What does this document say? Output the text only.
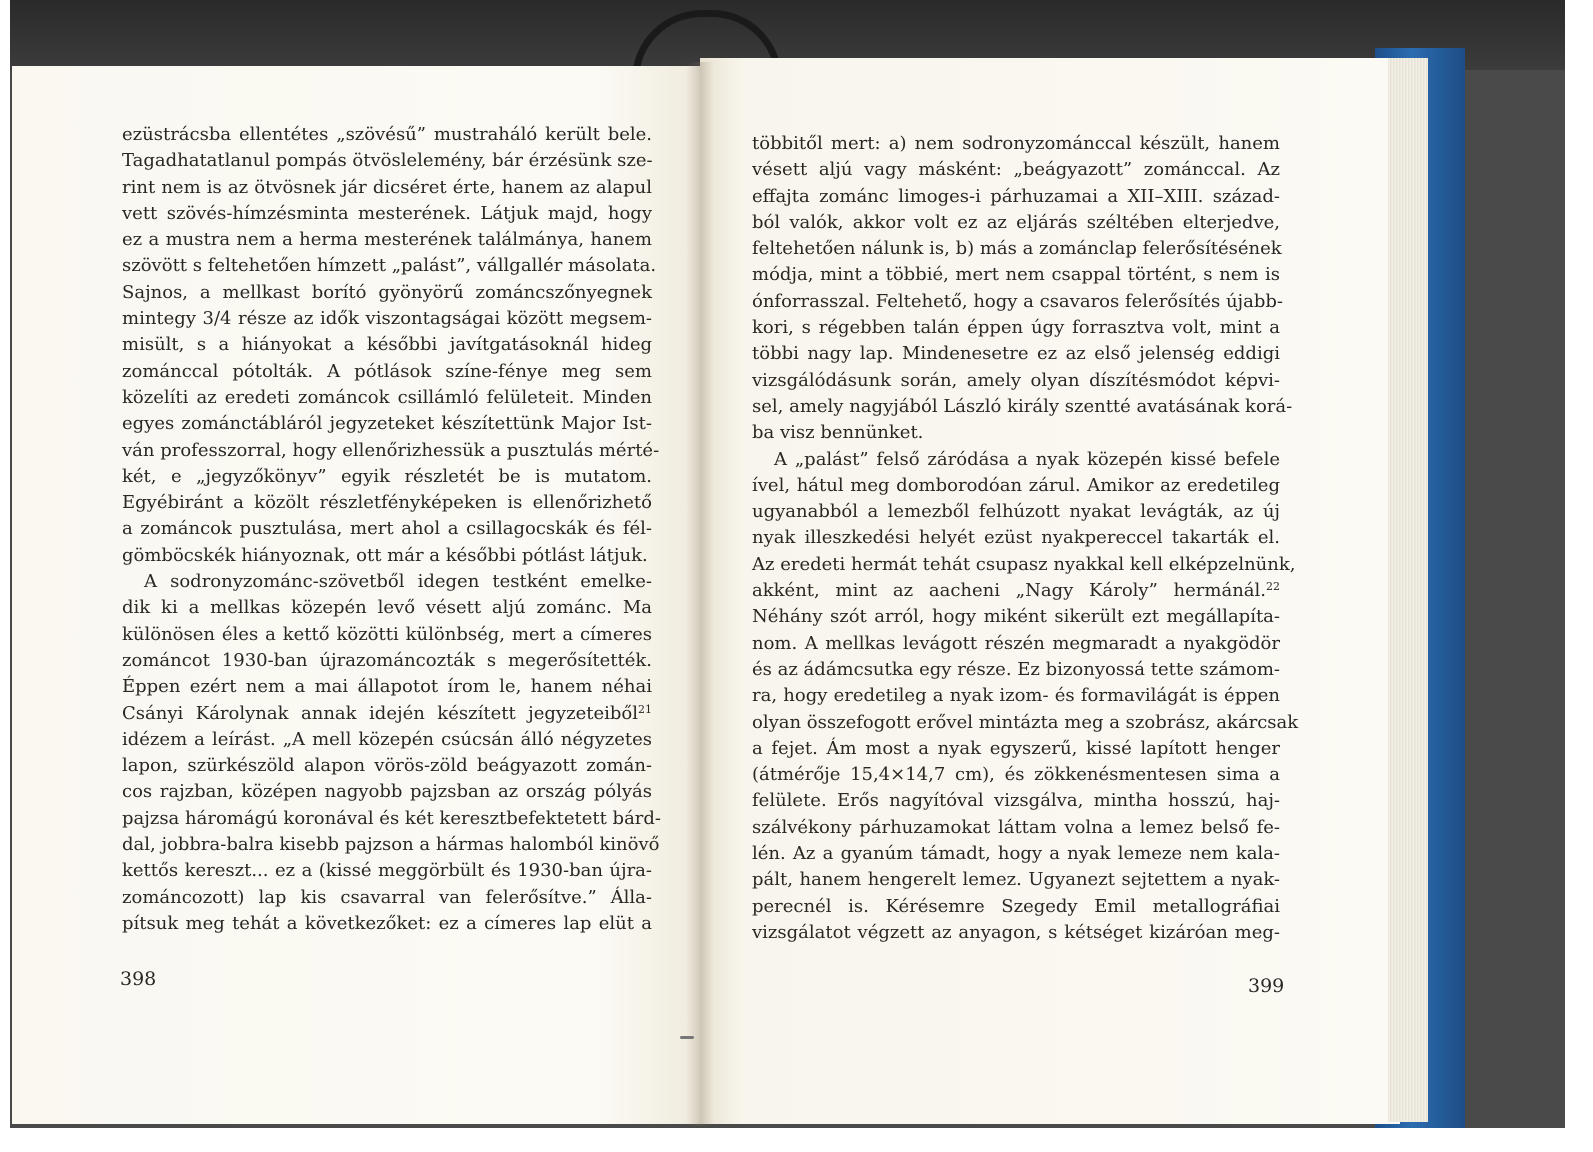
ezüstrácsba ellentétes „szövésű” mustraháló került bele.
Tagadhatatlanul pompás ötvöslelemény, bár érzésünk sze-
rint nem is az ötvösnek jár dicséret érte, hanem az alapul
vett szövés-hímzésminta mesterének. Látjuk majd, hogy
ez a mustra nem a herma mesterének találmánya, hanem
szövött s feltehetően hímzett „palást”, vállgallér másolata.
Sajnos, a mellkast borító gyönyörű zománcszőnyegnek
mintegy 3/4 része az idők viszontagságai között megsem-
misült, s a hiányokat a későbbi javítgatásoknál hideg
zománccal pótolták. A pótlások színe-fénye meg sem
közelíti az eredeti zománcok csillámló felületeit. Minden
egyes zománctábláról jegyzeteket készítettünk Major Ist-
ván professzorral, hogy ellenőrizhessük a pusztulás mérté-
két, e „jegyzőkönyv” egyik részletét be is mutatom.
Egyébiránt a közölt részletfényképeken is ellenőrizhető
a zománcok pusztulása, mert ahol a csillagocskák és fél-
gömböcskék hiányoznak, ott már a későbbi pótlást látjuk.
A sodronyzománc-szövetből idegen testként emelke-
dik ki a mellkas közepén levő vésett aljú zománc. Ma
különösen éles a kettő közötti különbség, mert a címeres
zománcot 1930-ban újrazománcozták s megerősítették.
Éppen ezért nem a mai állapotot írom le, hanem néhai
Csányi Károlynak annak idején készített jegyzeteiből$^{21}$
idézem a leírást. „A mell közepén csúcsán álló négyzetes
lapon, szürkészöld alapon vörös-zöld beágyazott zomán-
cos rajzban, középen nagyobb pajzsban az ország pólyás
pajzsa háromágú koronával és két keresztbefektetett bárd-
dal, jobbra-balra kisebb pajzson a hármas halomból kinövő
kettős kereszt... ez a (kissé meggörbült és 1930-ban újra-
zománcozott) lap kis csavarral van felerősítve.” Álla-
pítsuk meg tehát a következőket: ez a címeres lap elüt a
398
többitől mert: a) nem sodronyzománccal készült, hanem
vésett aljú vagy másként: „beágyazott” zománccal. Az
effajta zománc limoges-i párhuzamai a XII–XIII. század-
ból valók, akkor volt ez az eljárás széltében elterjedve,
feltehetően nálunk is, b) más a zománclap felerősítésének
módja, mint a többié, mert nem csappal történt, s nem is
ónforrasszal. Feltehető, hogy a csavaros felerősítés újabb-
kori, s régebben talán éppen úgy forrasztva volt, mint a
többi nagy lap. Mindenesetre ez az első jelenség eddigi
vizsgálódásunk során, amely olyan díszítésmódot képvi-
sel, amely nagyjából László király szentté avatásának korá-
ba visz bennünket.
A „palást” felső záródása a nyak közepén kissé befele
ível, hátul meg domborodóan zárul. Amikor az eredetileg
ugyanabból a lemezből felhúzott nyakat levágták, az új
nyak illeszkedési helyét ezüst nyakpereccel takarták el.
Az eredeti hermát tehát csupasz nyakkal kell elképzelnünk,
akként, mint az aacheni „Nagy Károly” hermánál.$^{22}$
Néhány szót arról, hogy miként sikerült ezt megállapíta-
nom. A mellkas levágott részén megmaradt a nyakgödör
és az ádámcsutka egy része. Ez bizonyossá tette számom-
ra, hogy eredetileg a nyak izom- és formavilágát is éppen
olyan összefogott erővel mintázta meg a szobrász, akárcsak
a fejet. Ám most a nyak egyszerű, kissé lapított henger
(átmérője 15,4×14,7 cm), és zökkenésmentesen sima a
felülete. Erős nagyítóval vizsgálva, mintha hosszú, haj-
szálvékony párhuzamokat láttam volna a lemez belső fe-
lén. Az a gyanúm támadt, hogy a nyak lemeze nem kala-
pált, hanem hengerelt lemez. Ugyanezt sejtettem a nyak-
perecnél is. Kérésemre Szegedy Emil metallográfiai
vizsgálatot végzett az anyagon, s kétséget kizáróan meg-
399
